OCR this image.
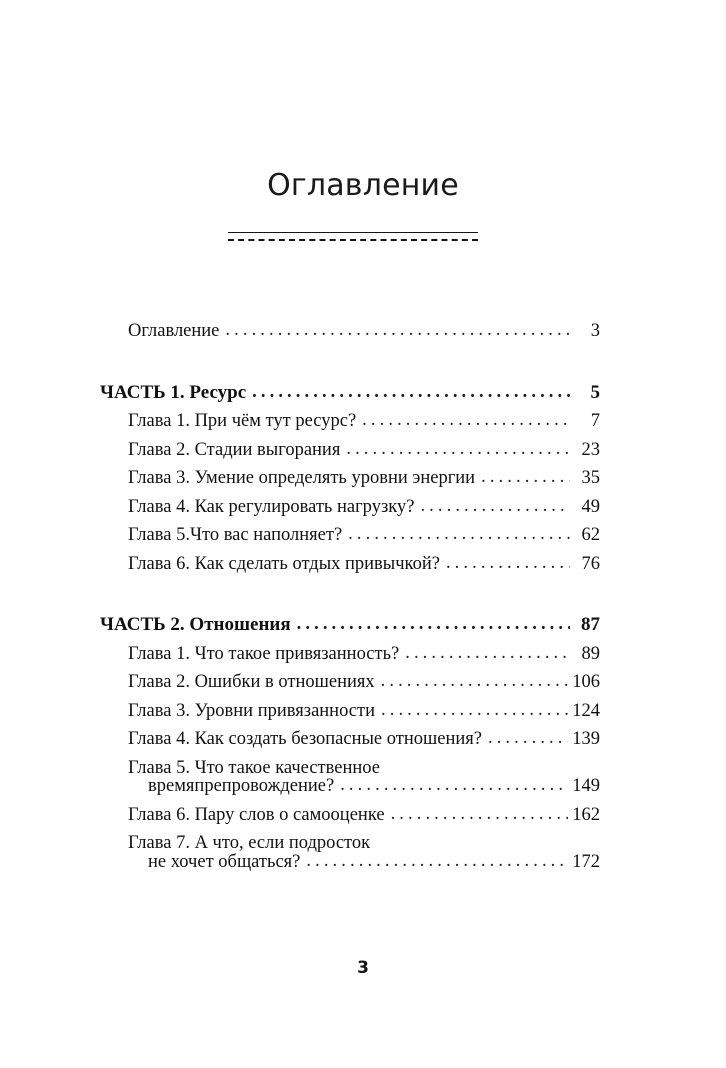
Оглавление
Оглавление .....	3
ЧАСТЬ 1. Ресурс .....	5
Глава 1. При чём тут ресурс? .....	7
Глава 2. Стадии выгорания .....	23
Глава 3. Умение определять уровни энергии .....	35
Глава 4. Как регулировать нагрузку? .....	49
Глава 5.Что вас наполняет? .....	62
Глава 6. Как сделать отдых привычкой? .....	76
ЧАСТЬ 2. Отношения .....	87
Глава 1. Что такое привязанность? .....	89
Глава 2. Ошибки в отношениях .....	106
Глава 3. Уровни привязанности .....	124
Глава 4. Как создать безопасные отношения? .....	139
Глава 5. Что такое качественное
времяпрепровождение? .....	149
Глава 6. Пару слов о самооценке .....	162
Глава 7. А что, если подросток
не хочет общаться? .....	172
3
